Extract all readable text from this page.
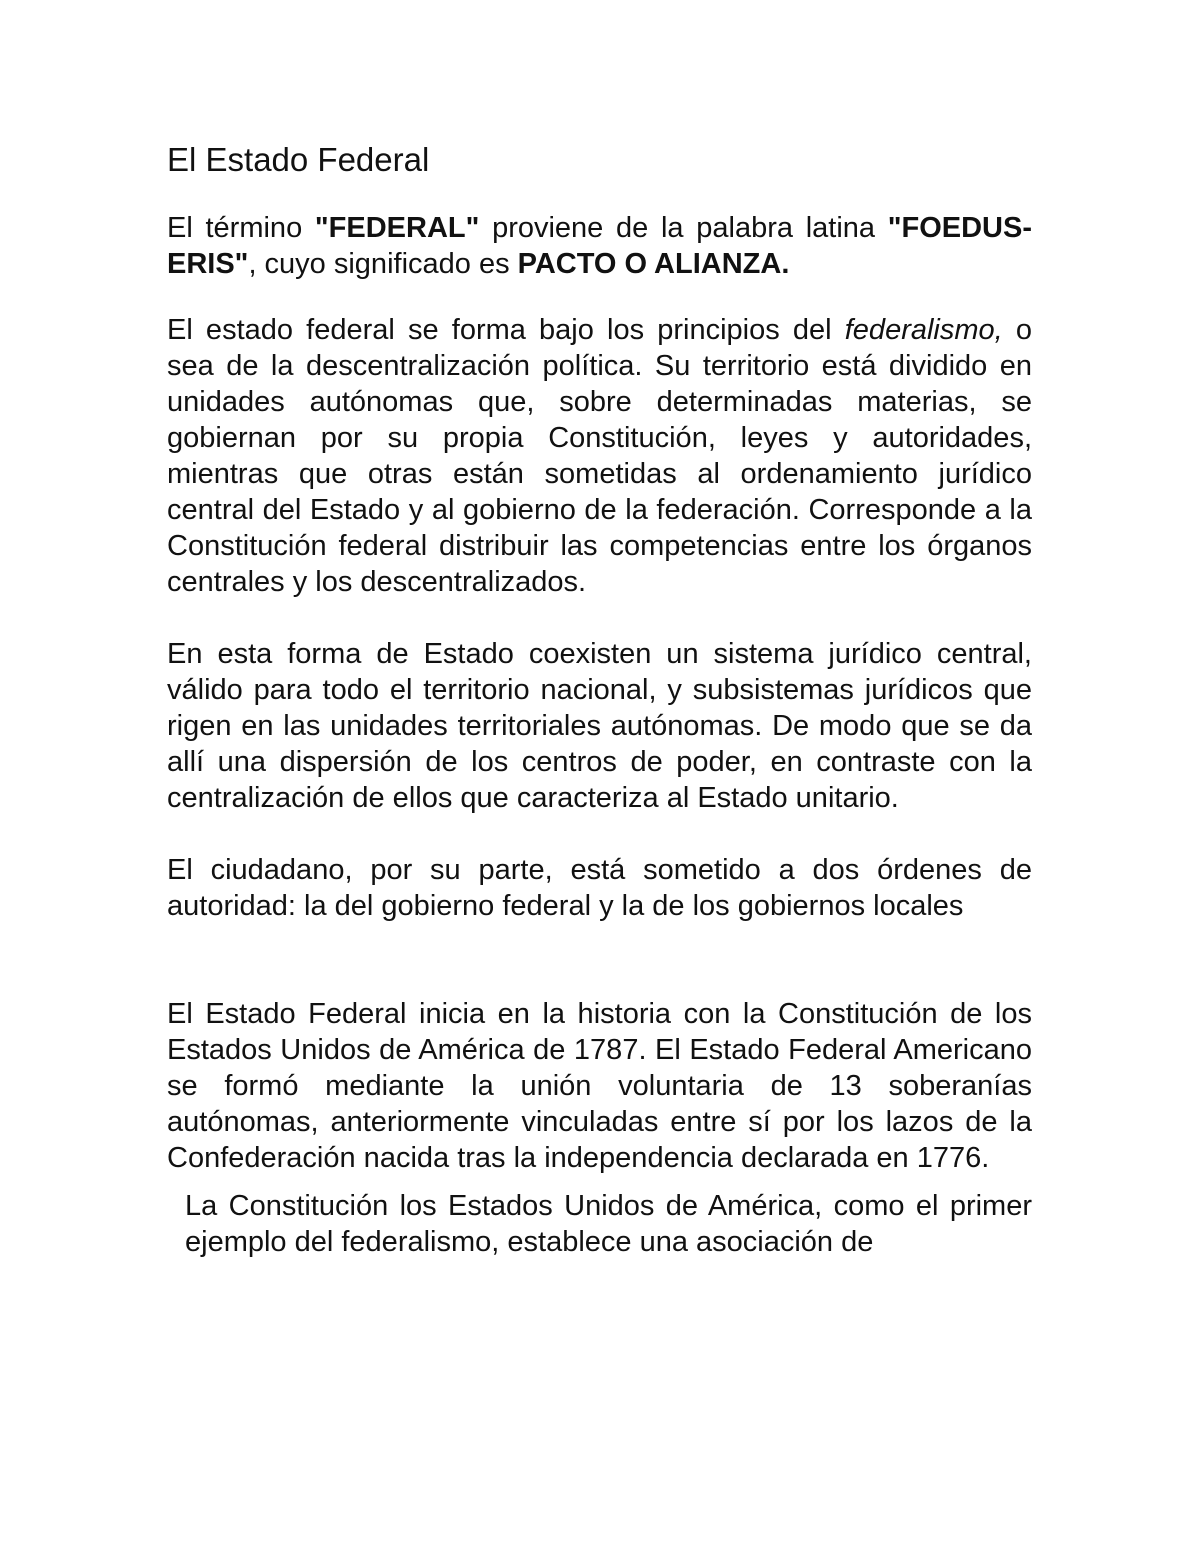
El Estado Federal

El término "FEDERAL" proviene de la palabra latina "FOEDUS-ERIS", cuyo significado es PACTO O ALIANZA.

El estado federal se forma bajo los principios del federalismo, o sea de la descentralización política. Su territorio está dividido en unidades autónomas que, sobre determinadas materias, se gobiernan por su propia Constitución, leyes y autoridades, mientras que otras están sometidas al ordenamiento jurídico central del Estado y al gobierno de la federación. Corresponde a la Constitución federal distribuir las competencias entre los órganos centrales y los descentralizados.

En esta forma de Estado coexisten un sistema jurídico central, válido para todo el territorio nacional, y subsistemas jurídicos que rigen en las unidades territoriales autónomas. De modo que se da allí una dispersión de los centros de poder, en contraste con la centralización de ellos que caracteriza al Estado unitario.

El ciudadano, por su parte, está sometido a dos órdenes de autoridad: la del gobierno federal y la de los gobiernos locales

El Estado Federal inicia en la historia con la Constitución de los Estados Unidos de América de 1787. El Estado Federal Americano se formó mediante la unión voluntaria de 13 soberanías autónomas, anteriormente vinculadas entre sí por los lazos de la Confederación nacida tras la independencia declarada en 1776.

La Constitución los Estados Unidos de América, como el primer ejemplo del federalismo, establece una asociación de
